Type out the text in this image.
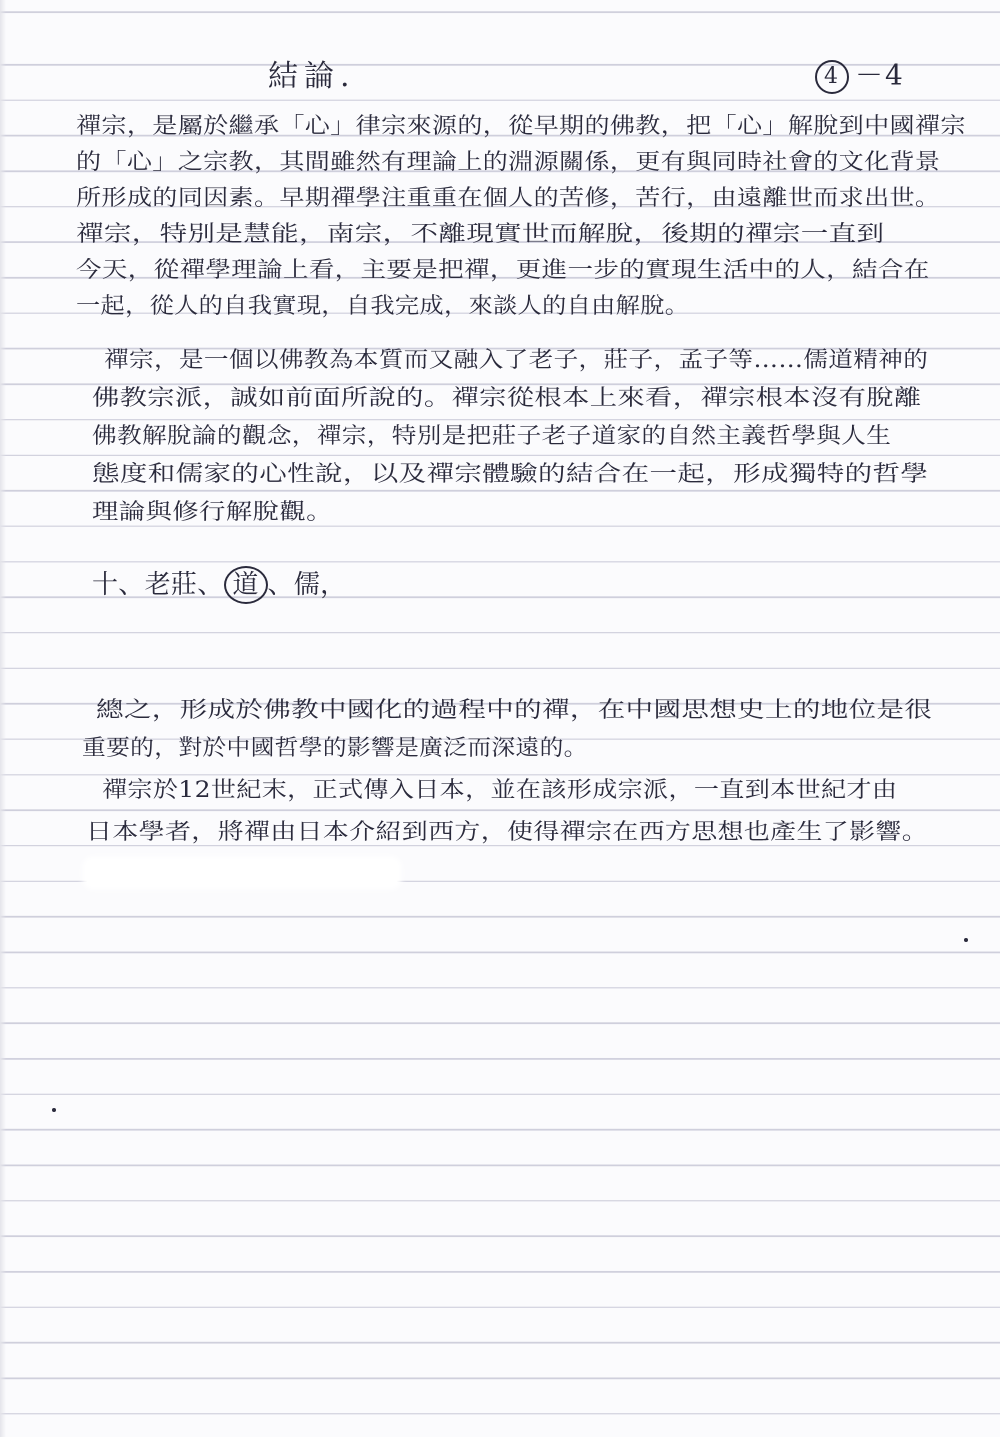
結論.	4 －4
禪宗，是屬於繼承「心」律宗來源的，從早期的佛教，把「心」解脫到中國禪宗
的「心」之宗教，其間雖然有理論上的淵源關係，更有與同時社會的文化背景
所形成的同因素。早期禪學注重重在個人的苦修，苦行，由遠離世而求出世。
禪宗，特別是慧能，南宗，不離現實世而解脫，後期的禪宗一直到
今天，從禪學理論上看，主要是把禪，更進一步的實現生活中的人，結合在
一起，從人的自我實現，自我完成，來談人的自由解脫。
禪宗，是一個以佛教為本質而又融入了老子，莊子，孟子等……儒道精神的
佛教宗派，誠如前面所說的。禪宗從根本上來看，禪宗根本沒有脫離
佛教解脫論的觀念，禪宗，特別是把莊子老子道家的自然主義哲學與人生
態度和儒家的心性說，以及禪宗體驗的結合在一起，形成獨特的哲學
理論與修行解脫觀。
十、老莊、 道 、儒，
總之，形成於佛教中國化的過程中的禪，在中國思想史上的地位是很
重要的，對於中國哲學的影響是廣泛而深遠的。
禪宗於12世紀末，正式傳入日本，並在該形成宗派，一直到本世紀才由
日本學者，將禪由日本介紹到西方，使得禪宗在西方思想也產生了影響。
